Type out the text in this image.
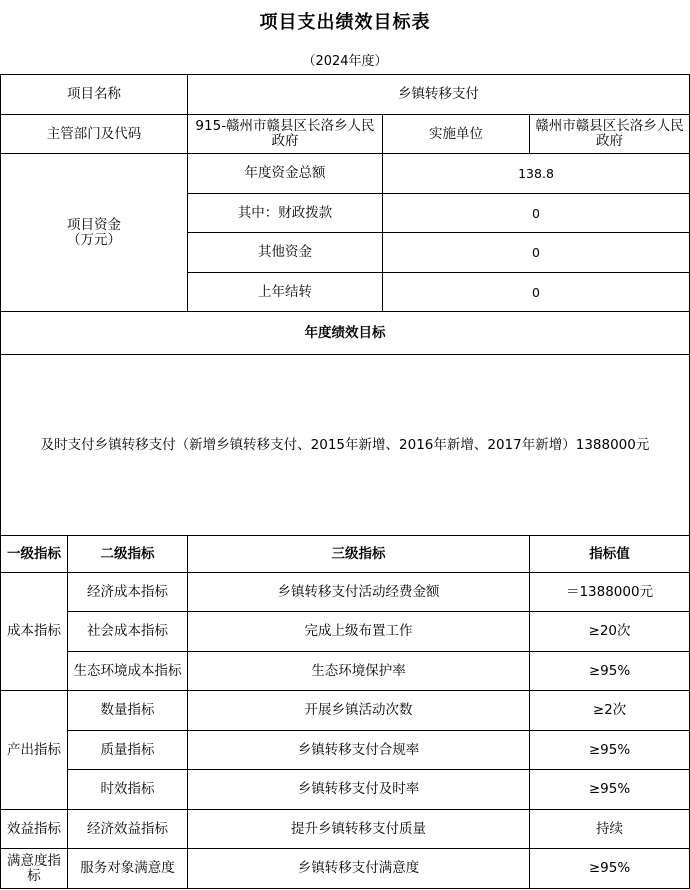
项目支出绩效目标表
（2024年度）
项目名称		乡镇转移支付		
主管部门及代码		915-赣州市赣县区长洛乡人民政府	实施单位	赣州市赣县区长洛乡人民政府
项目资金
（万元）		年度资金总额	138.8	
		其中：财政拨款	0	
		其他资金	0	
		上年结转	0	
年度绩效目标				
及时支付乡镇转移支付（新增乡镇转移支付、2015年新增、2016年新增、2017年新增）1388000元				
一级指标	二级指标	三级指标		指标值
成本指标	经济成本指标	乡镇转移支付活动经费金额		＝1388000元
	社会成本指标	完成上级布置工作		≥20次
	生态环境成本指标	生态环境保护率		≥95%
产出指标	数量指标	开展乡镇活动次数		≥2次
	质量指标	乡镇转移支付合规率		≥95%
	时效指标	乡镇转移支付及时率		≥95%
效益指标	经济效益指标	提升乡镇转移支付质量		持续
满意度指标	服务对象满意度	乡镇转移支付满意度		≥95%
